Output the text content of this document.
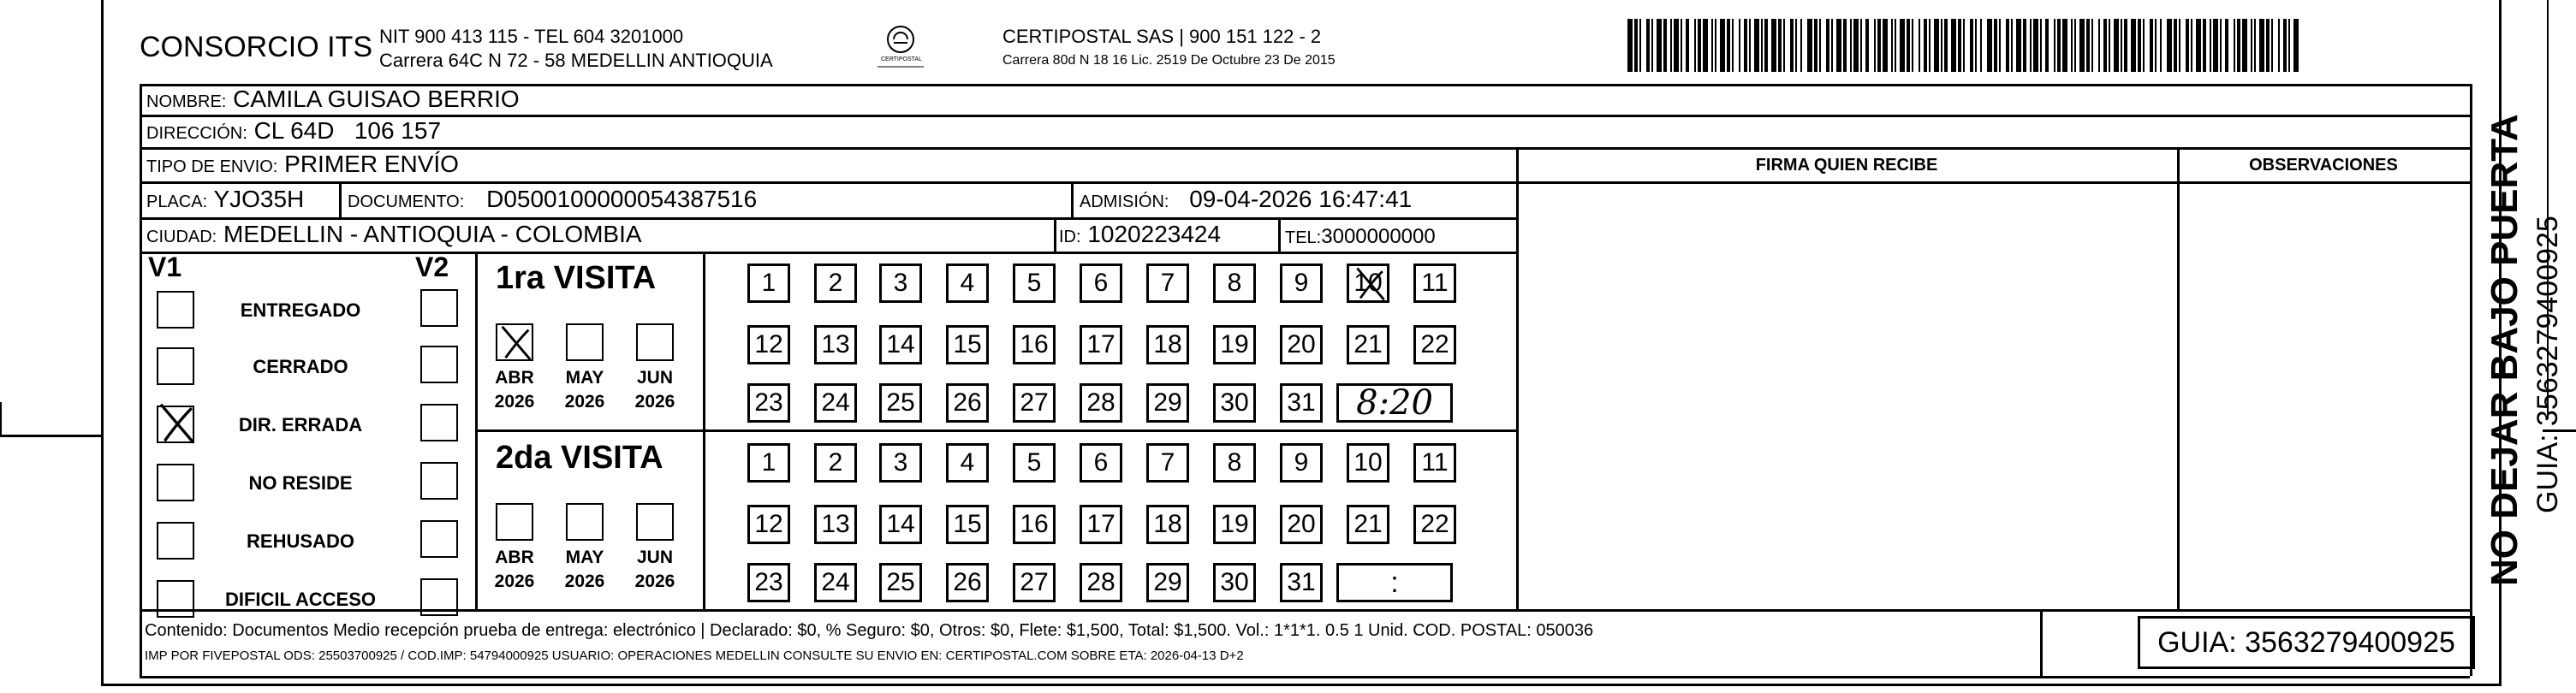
CONSORCIO ITS NIT 900 413 115 - TEL 604 3201000
Carrera 64C N 72 - 58 MEDELLIN ANTIOQUIA	CERTIPOSTAL
CERTIPOSTAL SAS | 900 151 122 - 2
Carrera 80d N 18 16 Lic. 2519 De Octubre 23 De 2015
NOMBRE: CAMILA GUISAO BERRIO
DIRECCIÓN: CL 64D   106 157
TIPO DE ENVIO: PRIMER ENVÍO	FIRMA QUIEN RECIBE	OBSERVACIONES
PLACA: YJO35H	DOCUMENTO: D0500100000054387516	ADMISIÓN: 09-04-2026 16:47:41
CIUDAD: MEDELLIN - ANTIOQUIA - COLOMBIA	ID: 1020223424	TEL:3000000000
V1	V2
ENTREGADO
CERRADO
DIR. ERRADA
NO RESIDE
REHUSADO
DIFICIL ACCESO
1ra VISITA
2da VISITA
ABR
2026
MAY
2026
JUN
2026
1	2	3	4	5	6	7	8	9	10	11
12 13 14 15 16 17 18 19 20 21 22
23 24 25 26 27 28 29 30 31	8:20
ABR
2026
MAY
2026
JUN
2026
1	2	3	4	5	6	7	8	9	10	11
12 13 14 15 16 17 18 19 20 21 22
23 24 25 26 27 28 29 30 31	:
Contenido: Documentos Medio recepción prueba de entrega: electrónico | Declarado: $0, % Seguro: $0, Otros: $0, Flete: $1,500, Total: $1,500. Vol.: 1*1*1. 0.5 1 Unid. COD. POSTAL: 050036
IMP POR FIVEPOSTAL ODS: 25503700925 / COD.IMP: 54794000925 USUARIO: OPERACIONES MEDELLIN CONSULTE SU ENVIO EN: CERTIPOSTAL.COM SOBRE ETA: 2026-04-13 D+2	GUIA: 3563279400925
NO DEJAR BAJO PUERTA GUIA: 3563279400925
